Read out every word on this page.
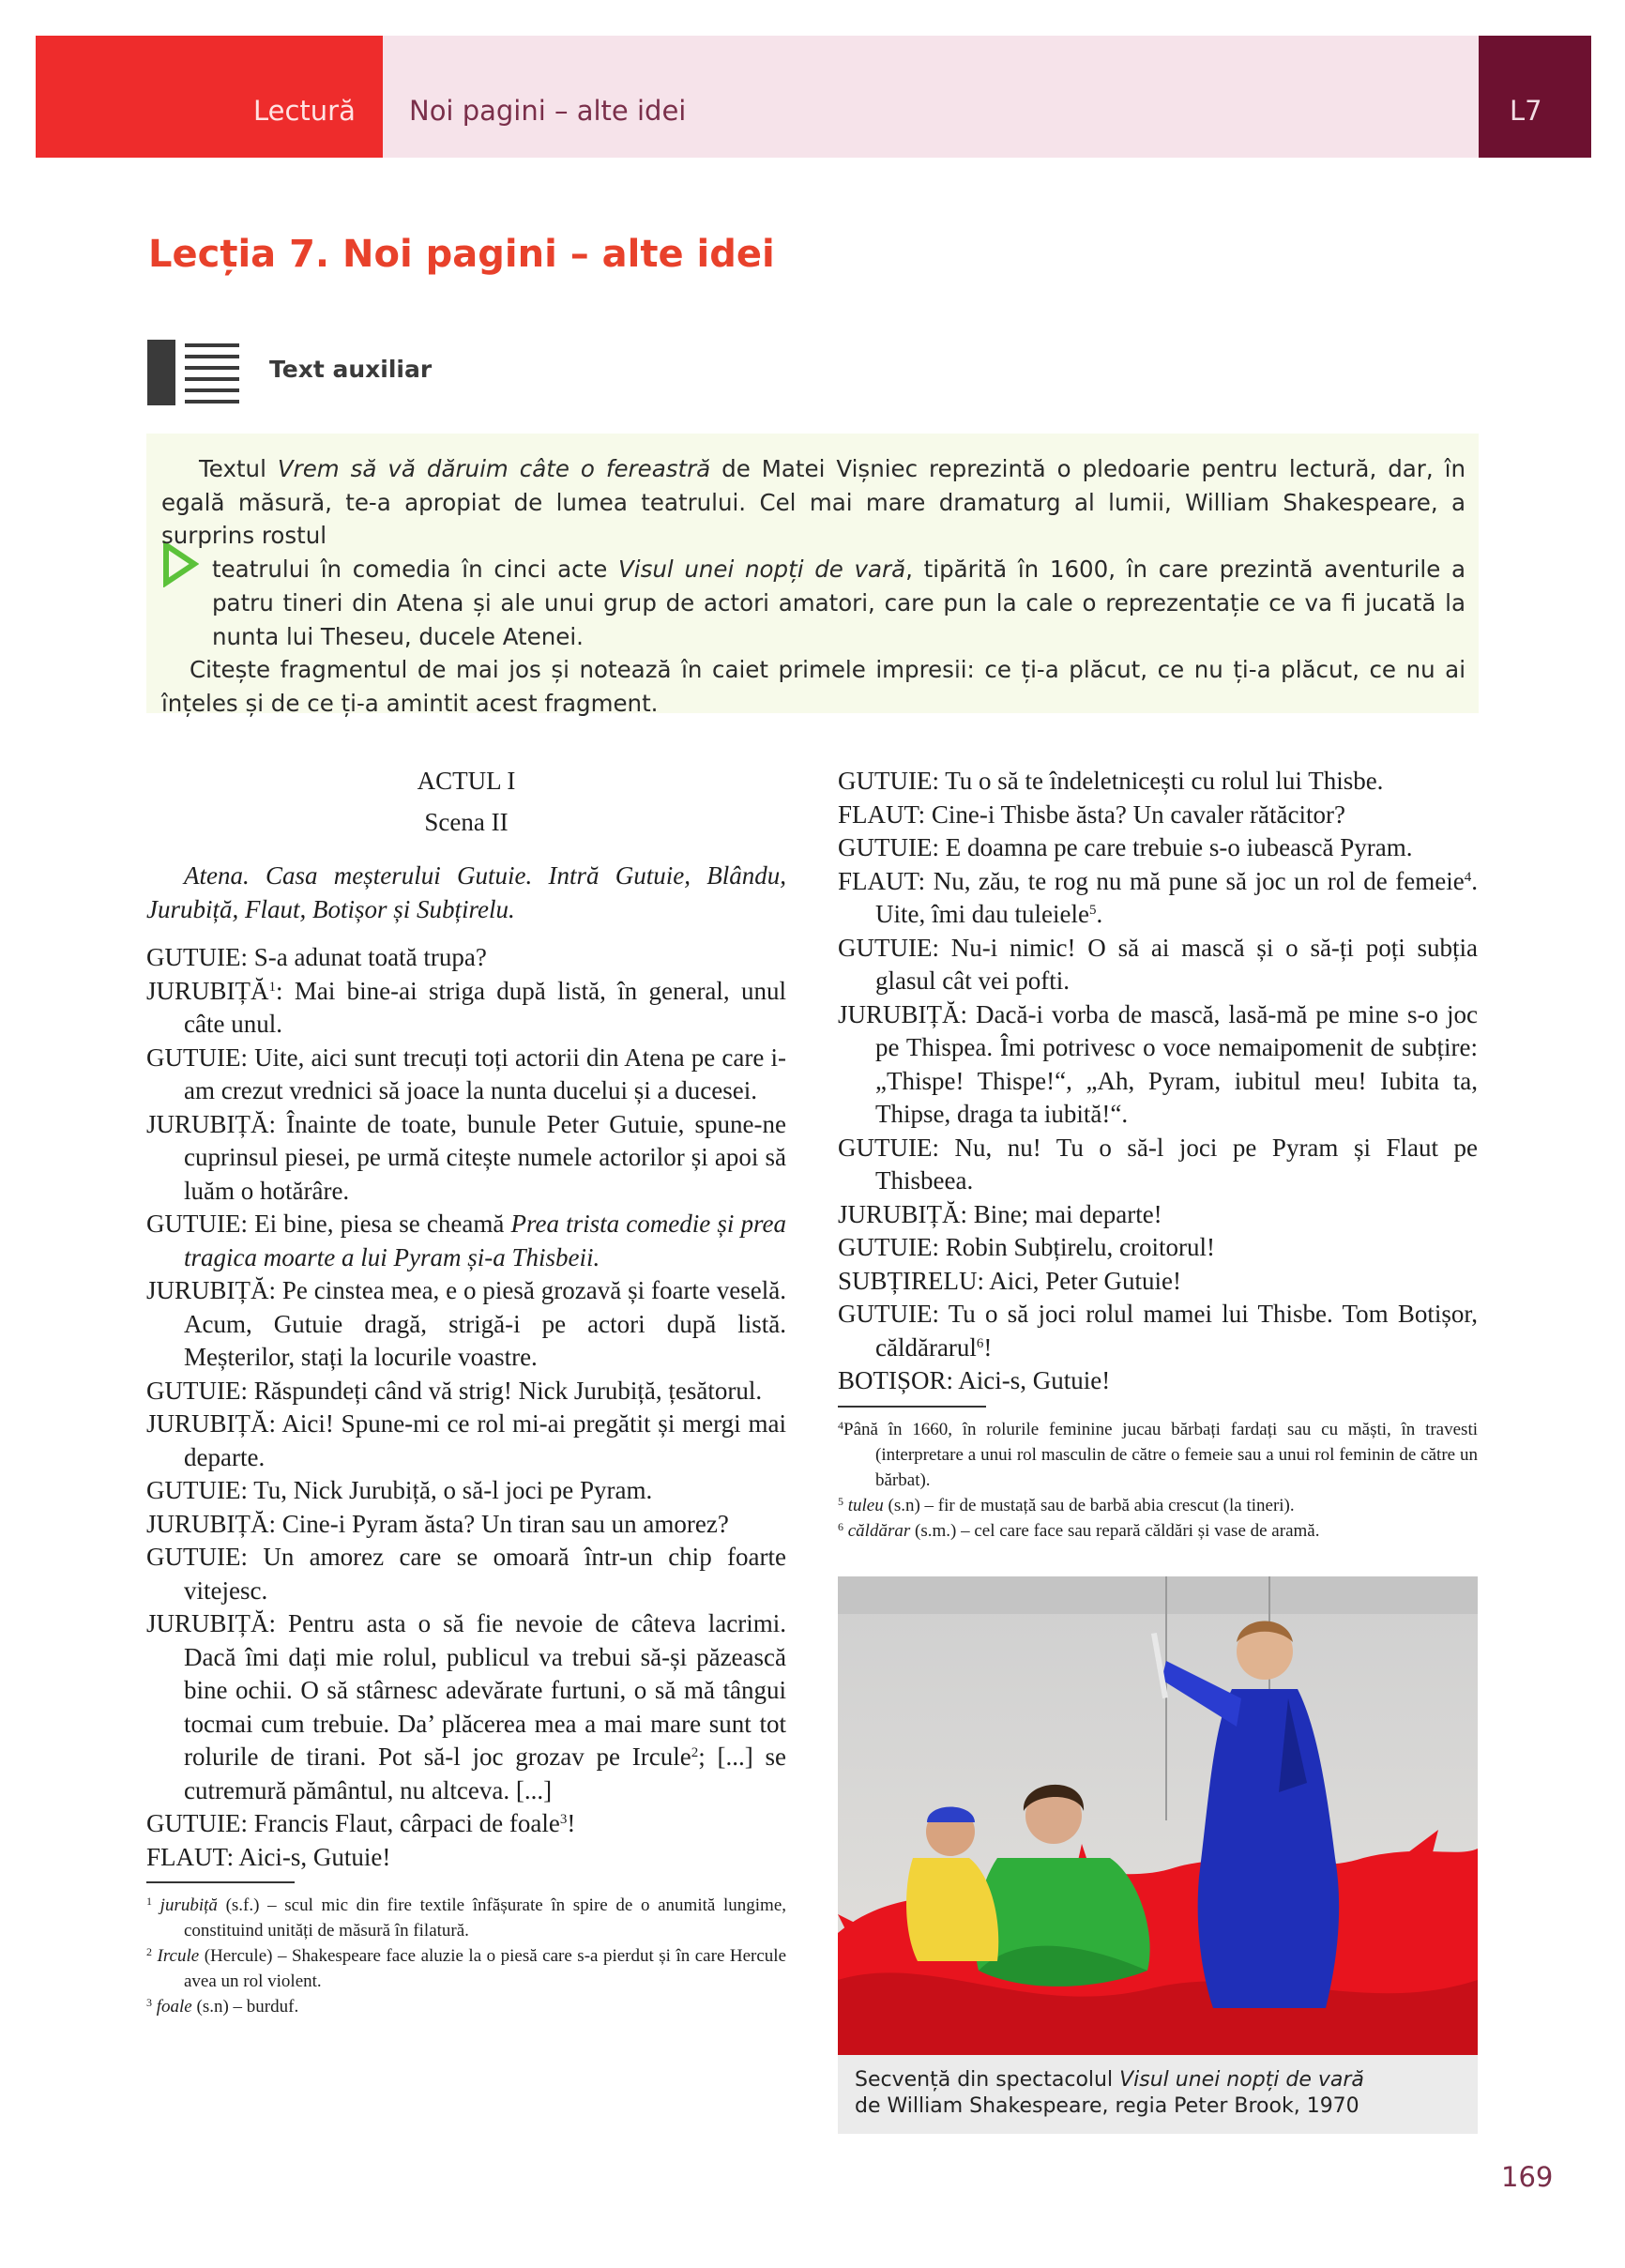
Lectură Noi pagini – alte idei	L7
Lecția 7. Noi pagini – alte idei
Text auxiliar

Textul Vrem să vă dăruim câte o fereastră de Matei Vișniec reprezintă o pledoarie pentru lectură, dar, în egală măsură, te-a apropiat de lumea teatrului. Cel mai mare dramaturg al lumii, William Shakespeare, a surprins rostul

teatrului în comedia în cinci acte Visul unei nopți de vară, tipărită în 1600, în care prezintă aventurile a patru tineri din Atena și ale unui grup de actori amatori, care pun la cale o reprezentație ce va fi jucată la nunta lui Theseu, ducele Atenei.

Citește fragmentul de mai jos și notează în caiet primele impresii: ce ți-a plăcut, ce nu ți-a plăcut, ce nu ai înțeles și de ce ți-a amintit acest fragment.

ACTUL I

Scena II

Atena. Casa meșterului Gutuie. Intră Gutuie, Blându, Jurubiță, Flaut, Botișor și Subțirelu.

GUTUIE: S-a adunat toată trupa?

JURUBIȚĂ$^1$: Mai bine-ai striga după listă, în general, unul câte unul.

GUTUIE: Uite, aici sunt trecuți toți actorii din Atena pe care i-am crezut vrednici să joace la nunta ducelui și a ducesei.

JURUBIȚĂ: Înainte de toate, bunule Peter Gutuie, spune-ne cuprinsul piesei, pe urmă citește numele actorilor și apoi să luăm o hotărâre.

GUTUIE: Ei bine, piesa se cheamă Prea trista comedie și prea tragica moarte a lui Pyram și-a Thisbeii.

JURUBIȚĂ: Pe cinstea mea, e o piesă grozavă și foarte veselă. Acum, Gutuie dragă, strigă-i pe actori după listă. Meșterilor, stați la locurile voastre.

GUTUIE: Răspundeți când vă strig! Nick Jurubiță, țesătorul.

JURUBIȚĂ: Aici! Spune-mi ce rol mi-ai pregătit și mergi mai departe.

GUTUIE: Tu, Nick Jurubiță, o să-l joci pe Pyram.

JURUBIȚĂ: Cine-i Pyram ăsta? Un tiran sau un amorez?

GUTUIE: Un amorez care se omoară într-un chip foarte vitejesc.

JURUBIȚĂ: Pentru asta o să fie nevoie de câteva lacrimi. Dacă îmi dați mie rolul, publicul va trebui să-și păzească bine ochii. O să stârnesc adevărate furtuni, o să mă tângui tocmai cum trebuie. Da’ plăcerea mea a mai mare sunt tot rolurile de tirani. Pot să-l joc grozav pe Ircule$^2$; [...] se cutremură pământul, nu altceva. [...]

GUTUIE: Francis Flaut, cârpaci de foale$^3$!

FLAUT: Aici-s, Gutuie!

$^1$ jurubiță (s.f.) – scul mic din fire textile înfășurate în spire de o anumită lungime, constituind unități de măsură în filatură.

$^2$ Ircule (Hercule) – Shakespeare face aluzie la o piesă care s-a pierdut și în care Hercule avea un rol violent.

$^3$ foale (s.n) – burduf.

GUTUIE: Tu o să te îndeletnicești cu rolul lui Thisbe.

FLAUT: Cine-i Thisbe ăsta? Un cavaler rătăcitor?

GUTUIE: E doamna pe care trebuie s-o iubească Pyram.

FLAUT: Nu, zău, te rog nu mă pune să joc un rol de femeie$^4$. Uite, îmi dau tuleiele$^5$.

GUTUIE: Nu-i nimic! O să ai mască și o să-ți poți subția glasul cât vei pofti.

JURUBIȚĂ: Dacă-i vorba de mască, lasă-mă pe mine s-o joc pe Thispea. Îmi potrivesc o voce nemaipomenit de subțire: „Thispe! Thispe!“, „Ah, Pyram, iubitul meu! Iubita ta, Thipse, draga ta iubită!“.

GUTUIE: Nu, nu! Tu o să-l joci pe Pyram și Flaut pe Thisbeea.

JURUBIȚĂ: Bine; mai departe!

GUTUIE: Robin Subțirelu, croitorul!

SUBȚIRELU: Aici, Peter Gutuie!

GUTUIE: Tu o să joci rolul mamei lui Thisbe. Tom Botișor, căldărarul$^6$!

BOTIȘOR: Aici-s, Gutuie!

$^4$Până în 1660, în rolurile feminine jucau bărbați fardați sau cu măști, în travesti (interpretare a unui rol masculin de către o femeie sau a unui rol feminin de către un bărbat).

$^5$ tuleu (s.n) – fir de mustață sau de barbă abia crescut (la tineri).

$^6$ căldărar (s.m.) – cel care face sau repară căldări și vase de aramă.

Secvență din spectacolul Visul unei nopți de vară
de William Shakespeare, regia Peter Brook, 1970
169
